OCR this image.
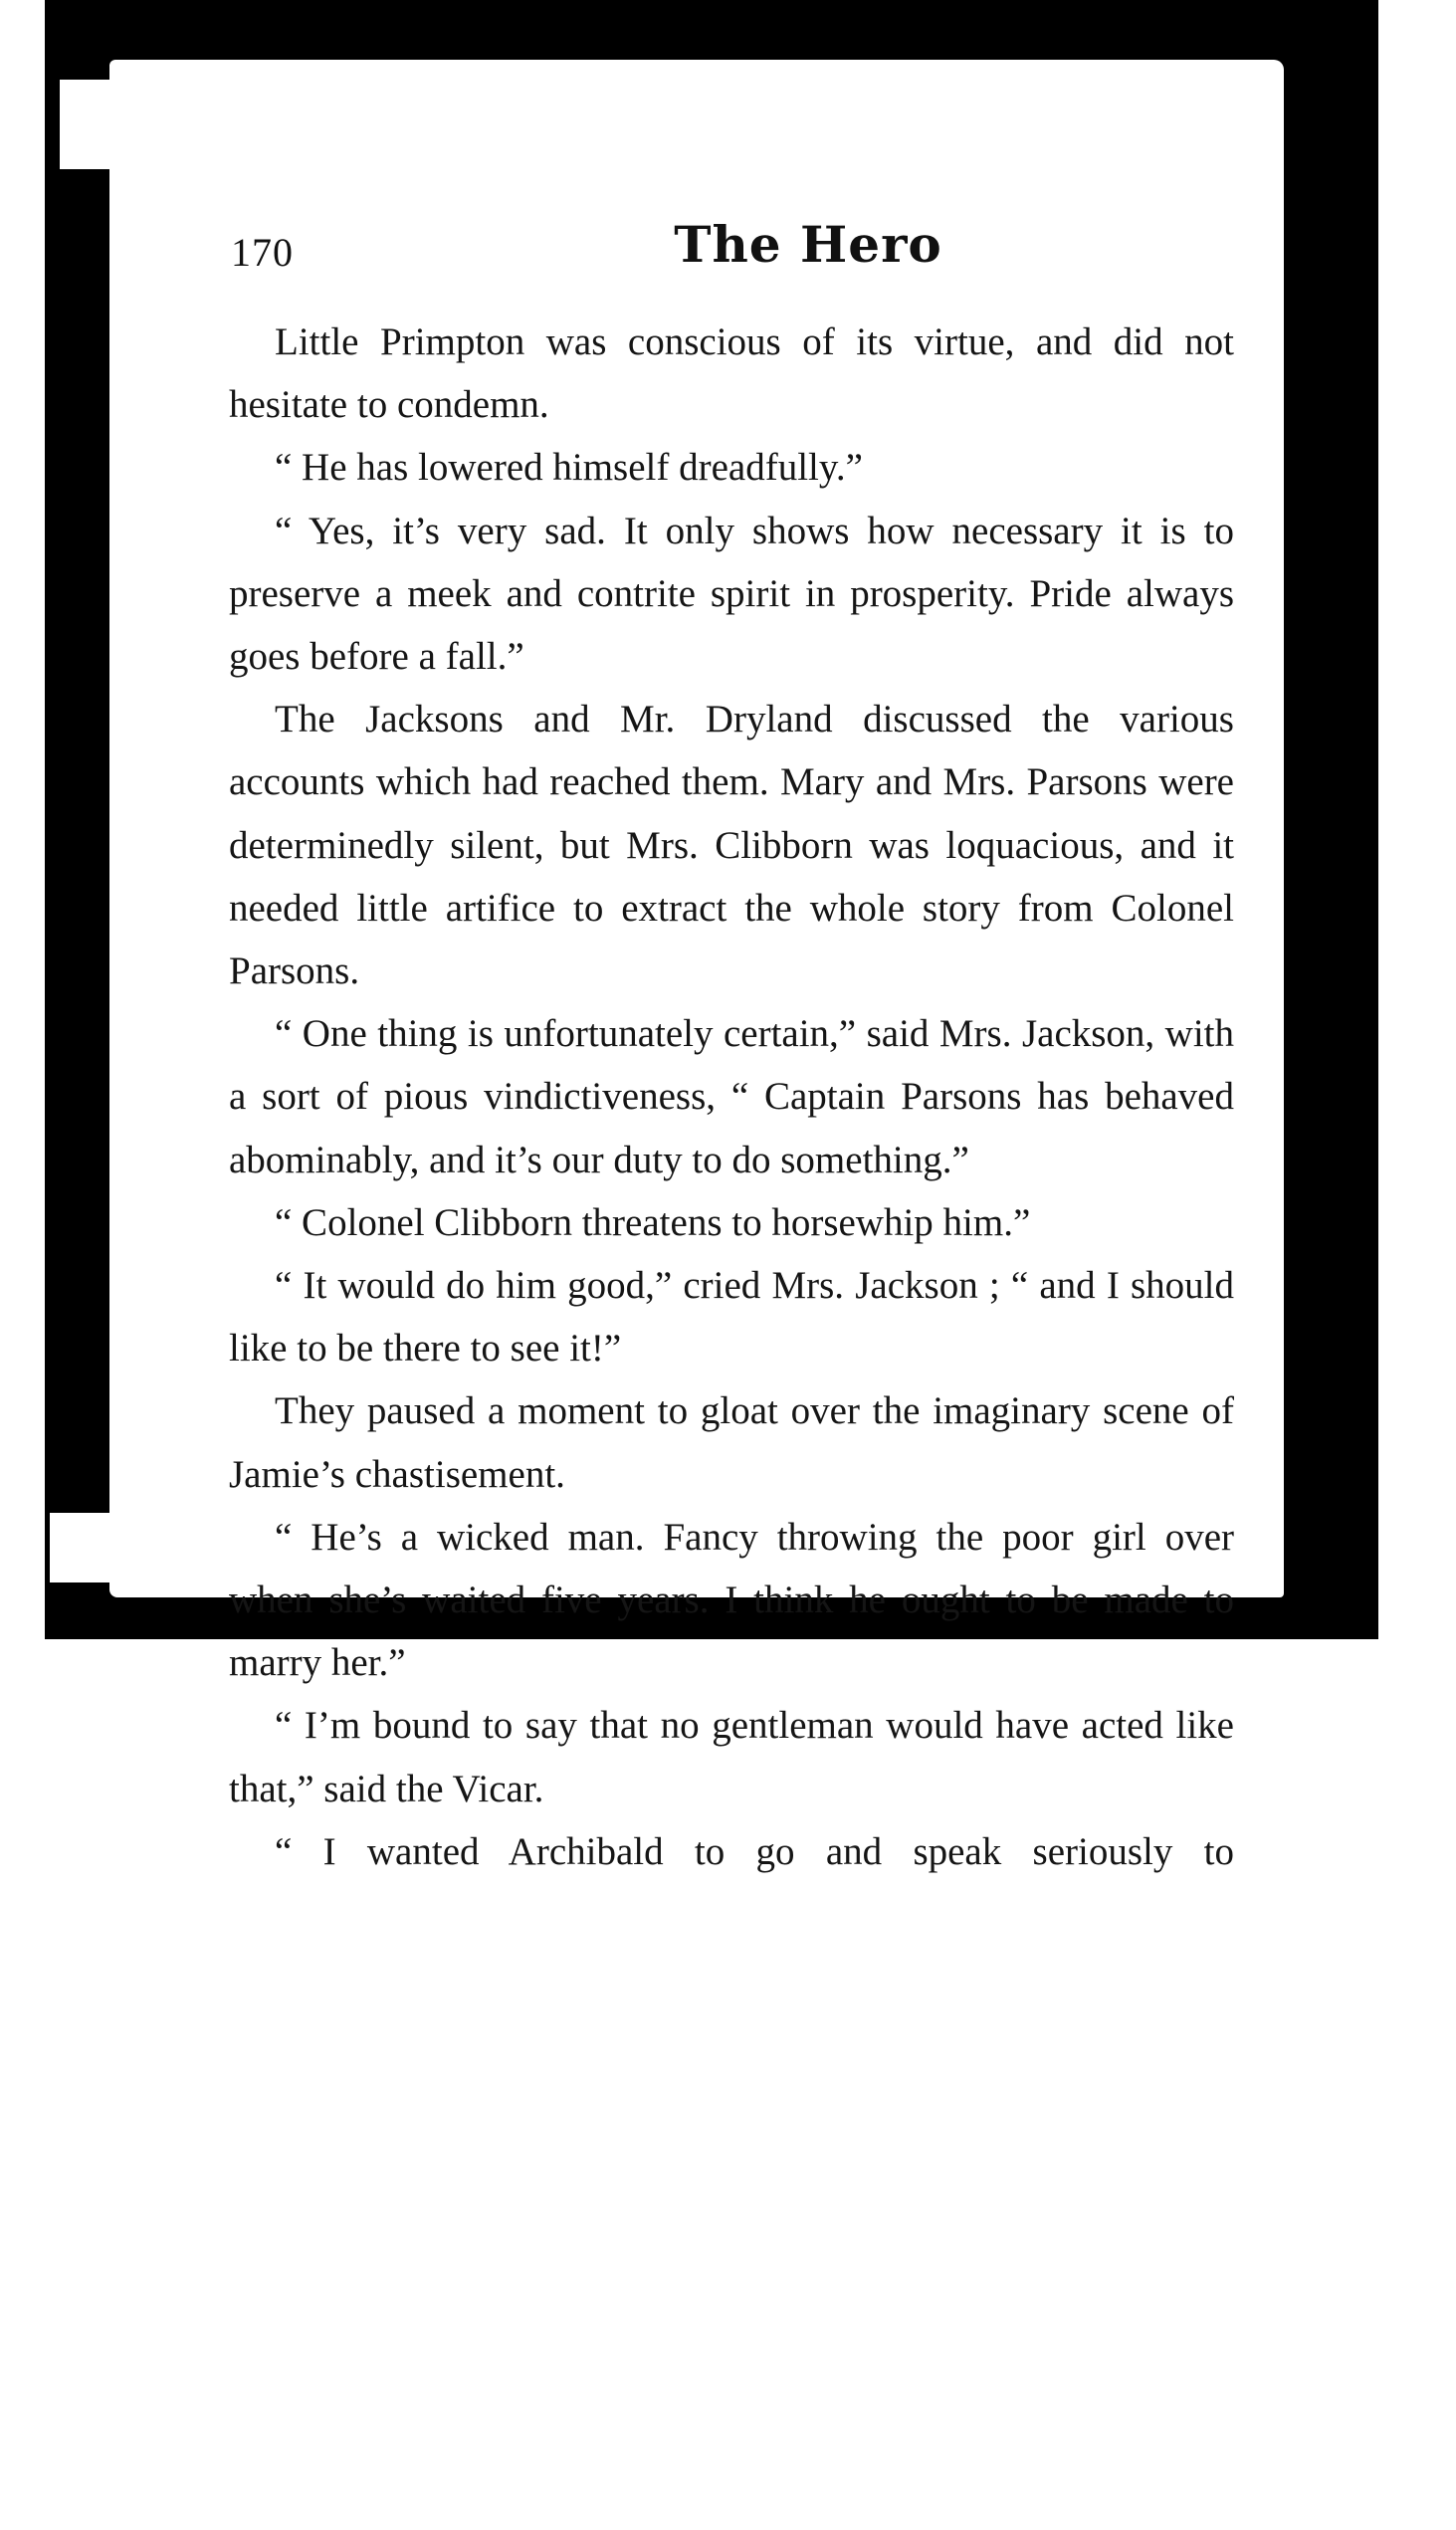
170	The Hero

Little Primpton was conscious of its virtue, and did not hesitate to condemn.

“ He has lowered himself dreadfully.”

“ Yes, it’s very sad. It only shows how necessary it is to preserve a meek and contrite spirit in prosperity. Pride always goes before a fall.”

The Jacksons and Mr. Dryland discussed the various accounts which had reached them. Mary and Mrs. Parsons were determinedly silent, but Mrs. Clibborn was loquacious, and it needed little artifice to extract the whole story from Colonel Parsons.

“ One thing is unfortunately certain,” said Mrs. Jackson, with a sort of pious vindictiveness, “ Captain Parsons has behaved abominably, and it’s our duty to do something.”

“ Colonel Clibborn threatens to horsewhip him.”

“ It would do him good,” cried Mrs. Jackson ; “ and I should like to be there to see it!”

They paused a moment to gloat over the imaginary scene of Jamie’s chastisement.

“ He’s a wicked man. Fancy throwing the poor girl over when she’s waited five years. I think he ought to be made to marry her.”

“ I’m bound to say that no gentleman would have acted like that,” said the Vicar.

“ I wanted Archibald to go and speak seriously to
